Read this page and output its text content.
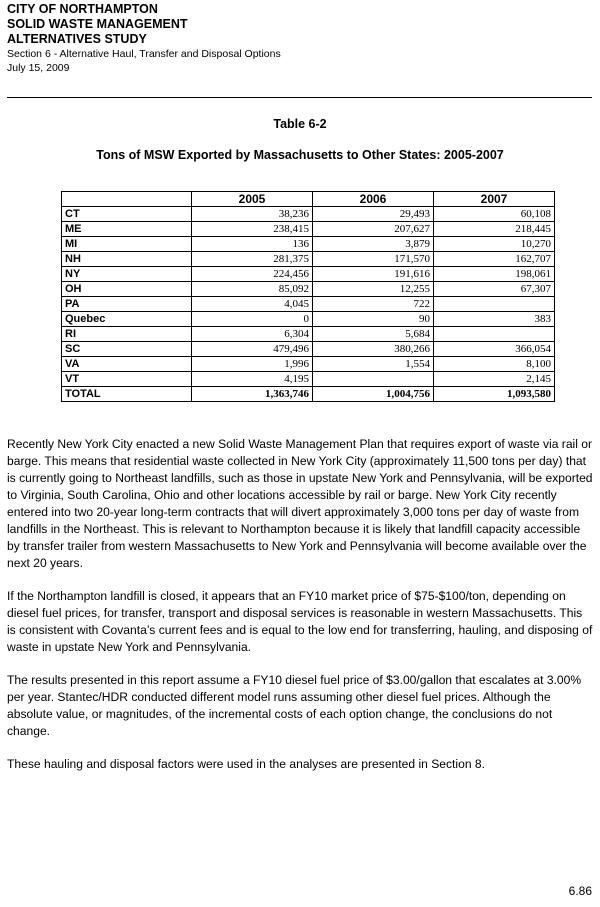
CITY OF NORTHAMPTON
SOLID WASTE MANAGEMENT
ALTERNATIVES STUDY
Section 6 - Alternative Haul, Transfer and Disposal Options
July 15, 2009
Table 6-2
Tons of MSW Exported by Massachusetts to Other States: 2005-2007
	2005	2006	2007
CT	38,236	29,493	60,108
ME	238,415	207,627	218,445
MI	136	3,879	10,270
NH	281,375	171,570	162,707
NY	224,456	191,616	198,061
OH	85,092	12,255	67,307
PA	4,045	722	
Quebec	0	90	383
RI	6,304	5,684	
SC	479,496	380,266	366,054
VA	1,996	1,554	8,100
VT	4,195		2,145
TOTAL	1,363,746	1,004,756	1,093,580

Recently New York City enacted a new Solid Waste Management Plan that requires export of waste via rail or barge. This means that residential waste collected in New York City (approximately 11,500 tons per day) that is currently going to Northeast landfills, such as those in upstate New York and Pennsylvania, will be exported to Virginia, South Carolina, Ohio and other locations accessible by rail or barge. New York City recently entered into two 20-year long-term contracts that will divert approximately 3,000 tons per day of waste from landfills in the Northeast. This is relevant to Northampton because it is likely that landfill capacity accessible by transfer trailer from western Massachusetts to New York and Pennsylvania will become available over the next 20 years.

If the Northampton landfill is closed, it appears that an FY10 market price of $75-$100/ton, depending on diesel fuel prices, for transfer, transport and disposal services is reasonable in western Massachusetts. This is consistent with Covanta’s current fees and is equal to the low end for transferring, hauling, and disposing of waste in upstate New York and Pennsylvania.

The results presented in this report assume a FY10 diesel fuel price of $3.00/gallon that escalates at 3.00% per year. Stantec/HDR conducted different model runs assuming other diesel fuel prices. Although the absolute value, or magnitudes, of the incremental costs of each option change, the conclusions do not change.

These hauling and disposal factors were used in the analyses are presented in Section 8.

6.86
